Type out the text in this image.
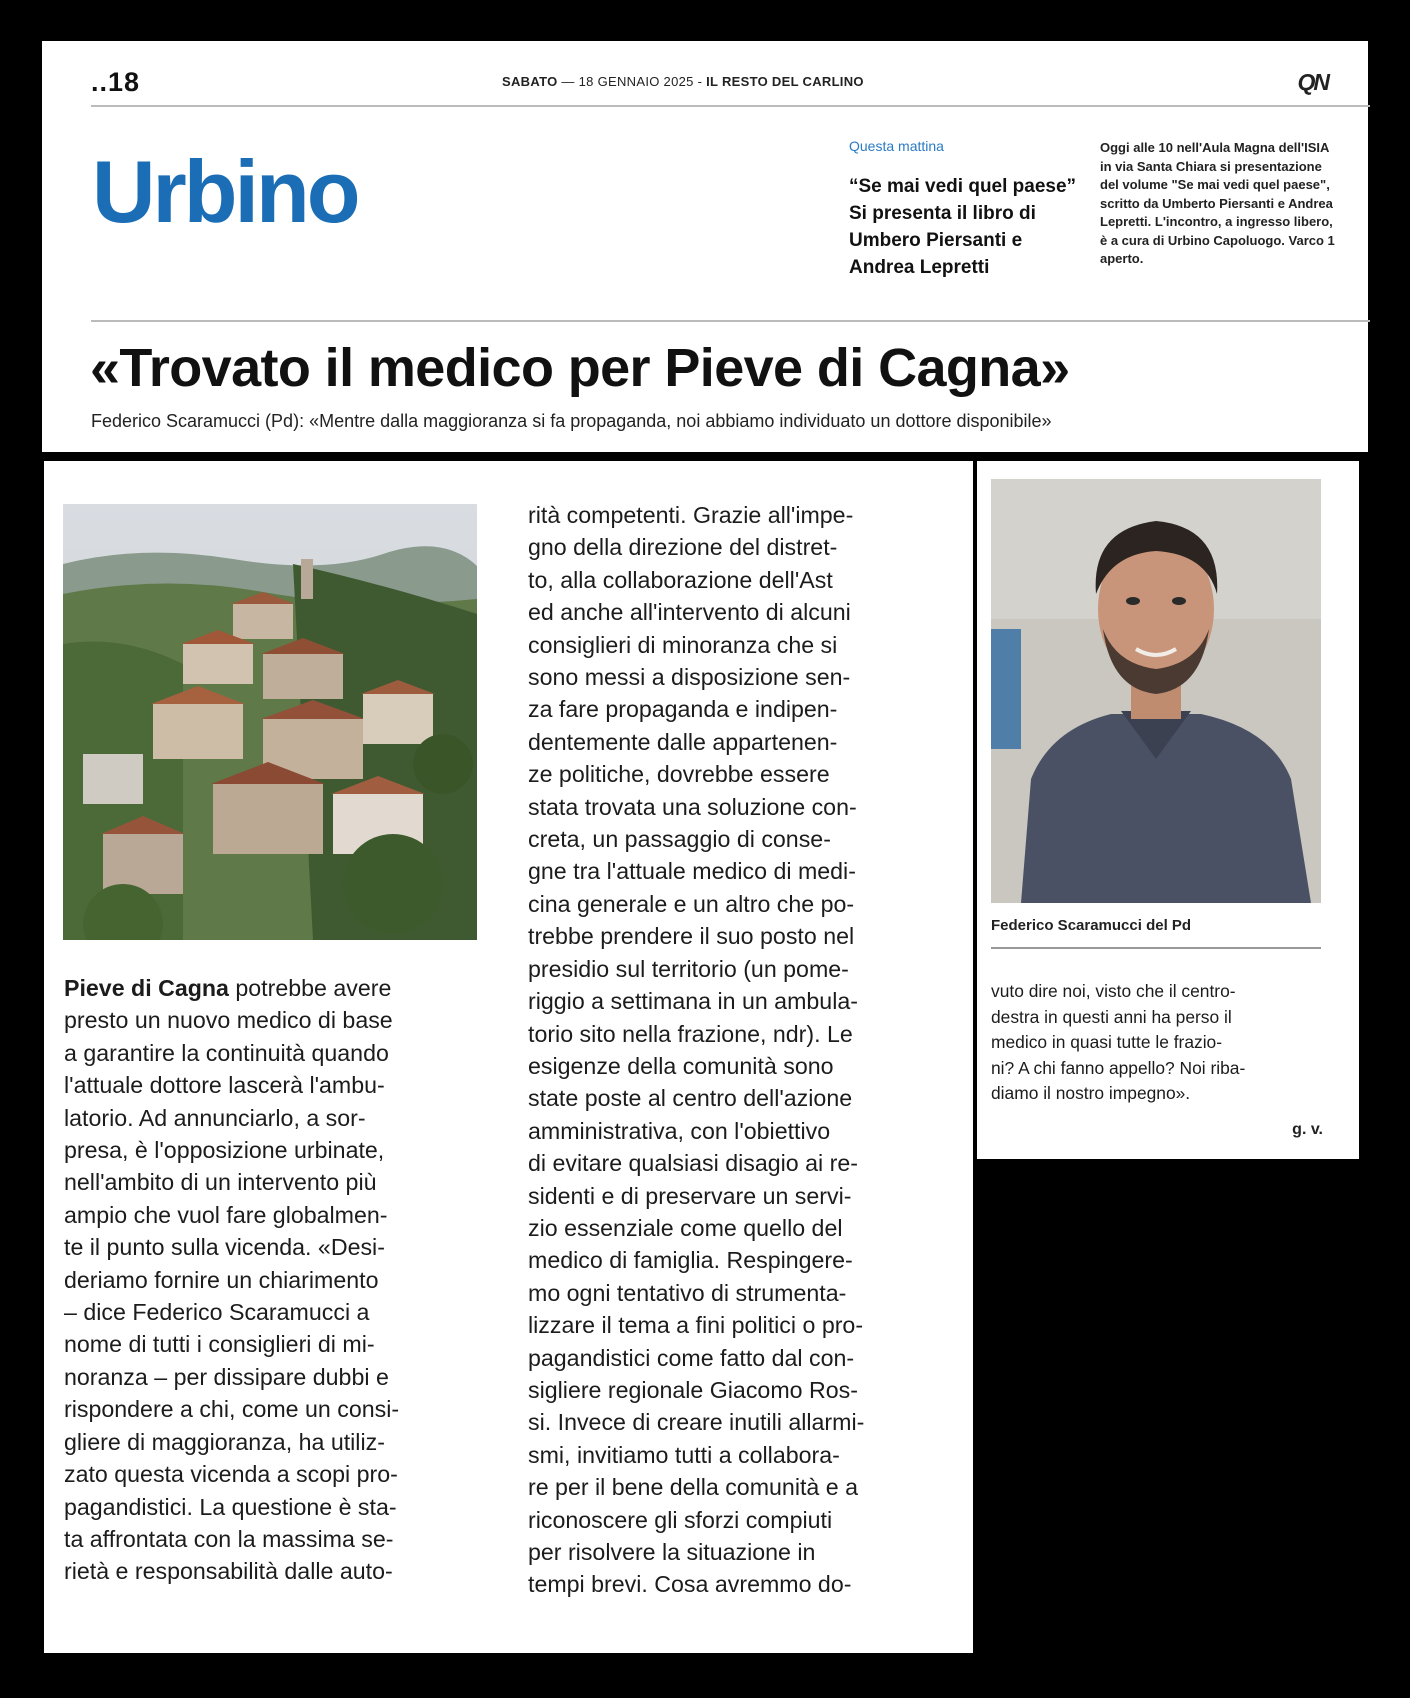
..18	SABATO — 18 GENNAIO 2025 - IL RESTO DEL CARLINO	QN
Urbino	Questa mattina
“Se mai vedi quel paese” Si presenta il libro di Umbero Piersanti e Andrea Lepretti
Oggi alle 10 nell'Aula Magna dell'ISIA in via Santa Chiara si presentazione del volume "Se mai vedi quel paese", scritto da Umberto Piersanti e Andrea Lepretti. L'incontro, a ingresso libero, è a cura di Urbino Capoluogo. Varco 1 aperto.
«Trovato il medico per Pieve di Cagna»
Federico Scaramucci (Pd): «Mentre dalla maggioranza si fa propaganda, noi abbiamo individuato un dottore disponibile»
Pieve di Cagna potrebbe avere
presto un nuovo medico di base
a garantire la continuità quando
l'attuale dottore lascerà l'ambu-
latorio. Ad annunciarlo, a sor-
presa, è l'opposizione urbinate,
nell'ambito di un intervento più
ampio che vuol fare globalmen-
te il punto sulla vicenda. «Desi-
deriamo fornire un chiarimento
– dice Federico Scaramucci a
nome di tutti i consiglieri di mi-
noranza – per dissipare dubbi e
rispondere a chi, come un consi-
gliere di maggioranza, ha utiliz-
zato questa vicenda a scopi pro-
pagandistici. La questione è sta-
ta affrontata con la massima se-
rietà e responsabilità dalle auto-
rità competenti. Grazie all'impe-
gno della direzione del distret-
to, alla collaborazione dell'Ast
ed anche all'intervento di alcuni
consiglieri di minoranza che si
sono messi a disposizione sen-
za fare propaganda e indipen-
dentemente dalle appartenen-
ze politiche, dovrebbe essere
stata trovata una soluzione con-
creta, un passaggio di conse-
gne tra l'attuale medico di medi-
cina generale e un altro che po-
trebbe prendere il suo posto nel
presidio sul territorio (un pome-
riggio a settimana in un ambula-
torio sito nella frazione, ndr). Le
esigenze della comunità sono
state poste al centro dell'azione
amministrativa, con l'obiettivo
di evitare qualsiasi disagio ai re-
sidenti e di preservare un servi-
zio essenziale come quello del
medico di famiglia. Respingere-
mo ogni tentativo di strumenta-
lizzare il tema a fini politici o pro-
pagandistici come fatto dal con-
sigliere regionale Giacomo Ros-
si. Invece di creare inutili allarmi-
smi, invitiamo tutti a collabora-
re per il bene della comunità e a
riconoscere gli sforzi compiuti
per risolvere la situazione in
tempi brevi. Cosa avremmo do-
Federico Scaramucci del Pd
vuto dire noi, visto che il centro-
destra in questi anni ha perso il
medico in quasi tutte le frazio-
ni? A chi fanno appello? Noi riba-
diamo il nostro impegno».
g. v.
